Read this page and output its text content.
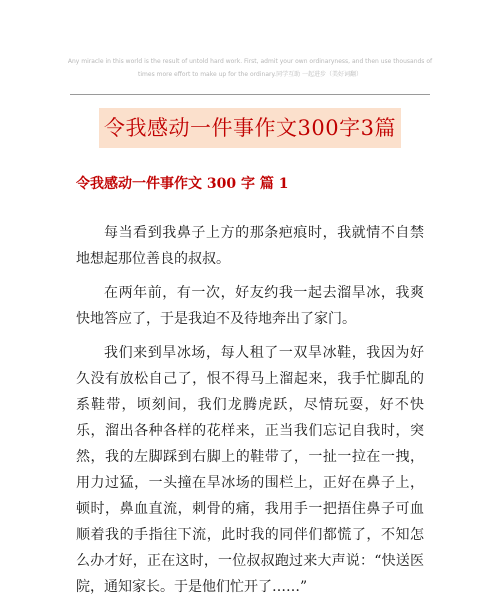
Any miracle in this world is the result of untold hard work. First, admit your own ordinaryness, and then use thousands of times more effort to make up for the ordinary.同学互助 一起进步（美好词翻）
令我感动一件事作文300字3篇
令我感动一件事作文 300 字 篇 1

每当看到我鼻子上方的那条疤痕时，我就情不自禁地想起那位善良的叔叔。

在两年前，有一次，好友约我一起去溜旱冰，我爽快地答应了，于是我迫不及待地奔出了家门。

我们来到旱冰场，每人租了一双旱冰鞋，我因为好久没有放松自己了，恨不得马上溜起来，我手忙脚乱的系鞋带，顷刻间，我们龙腾虎跃，尽情玩耍，好不快乐，溜出各种各样的花样来，正当我们忘记自我时，突然，我的左脚踩到右脚上的鞋带了，一扯一拉在一拽，用力过猛，一头撞在旱冰场的围栏上，正好在鼻子上，顿时，鼻血直流，刺骨的痛，我用手一把捂住鼻子可血顺着我的手指往下流，此时我的同伴们都慌了，不知怎么办才好，正在这时，一位叔叔跑过来大声说：“快送医院，通知家长。于是他们忙开了……”
